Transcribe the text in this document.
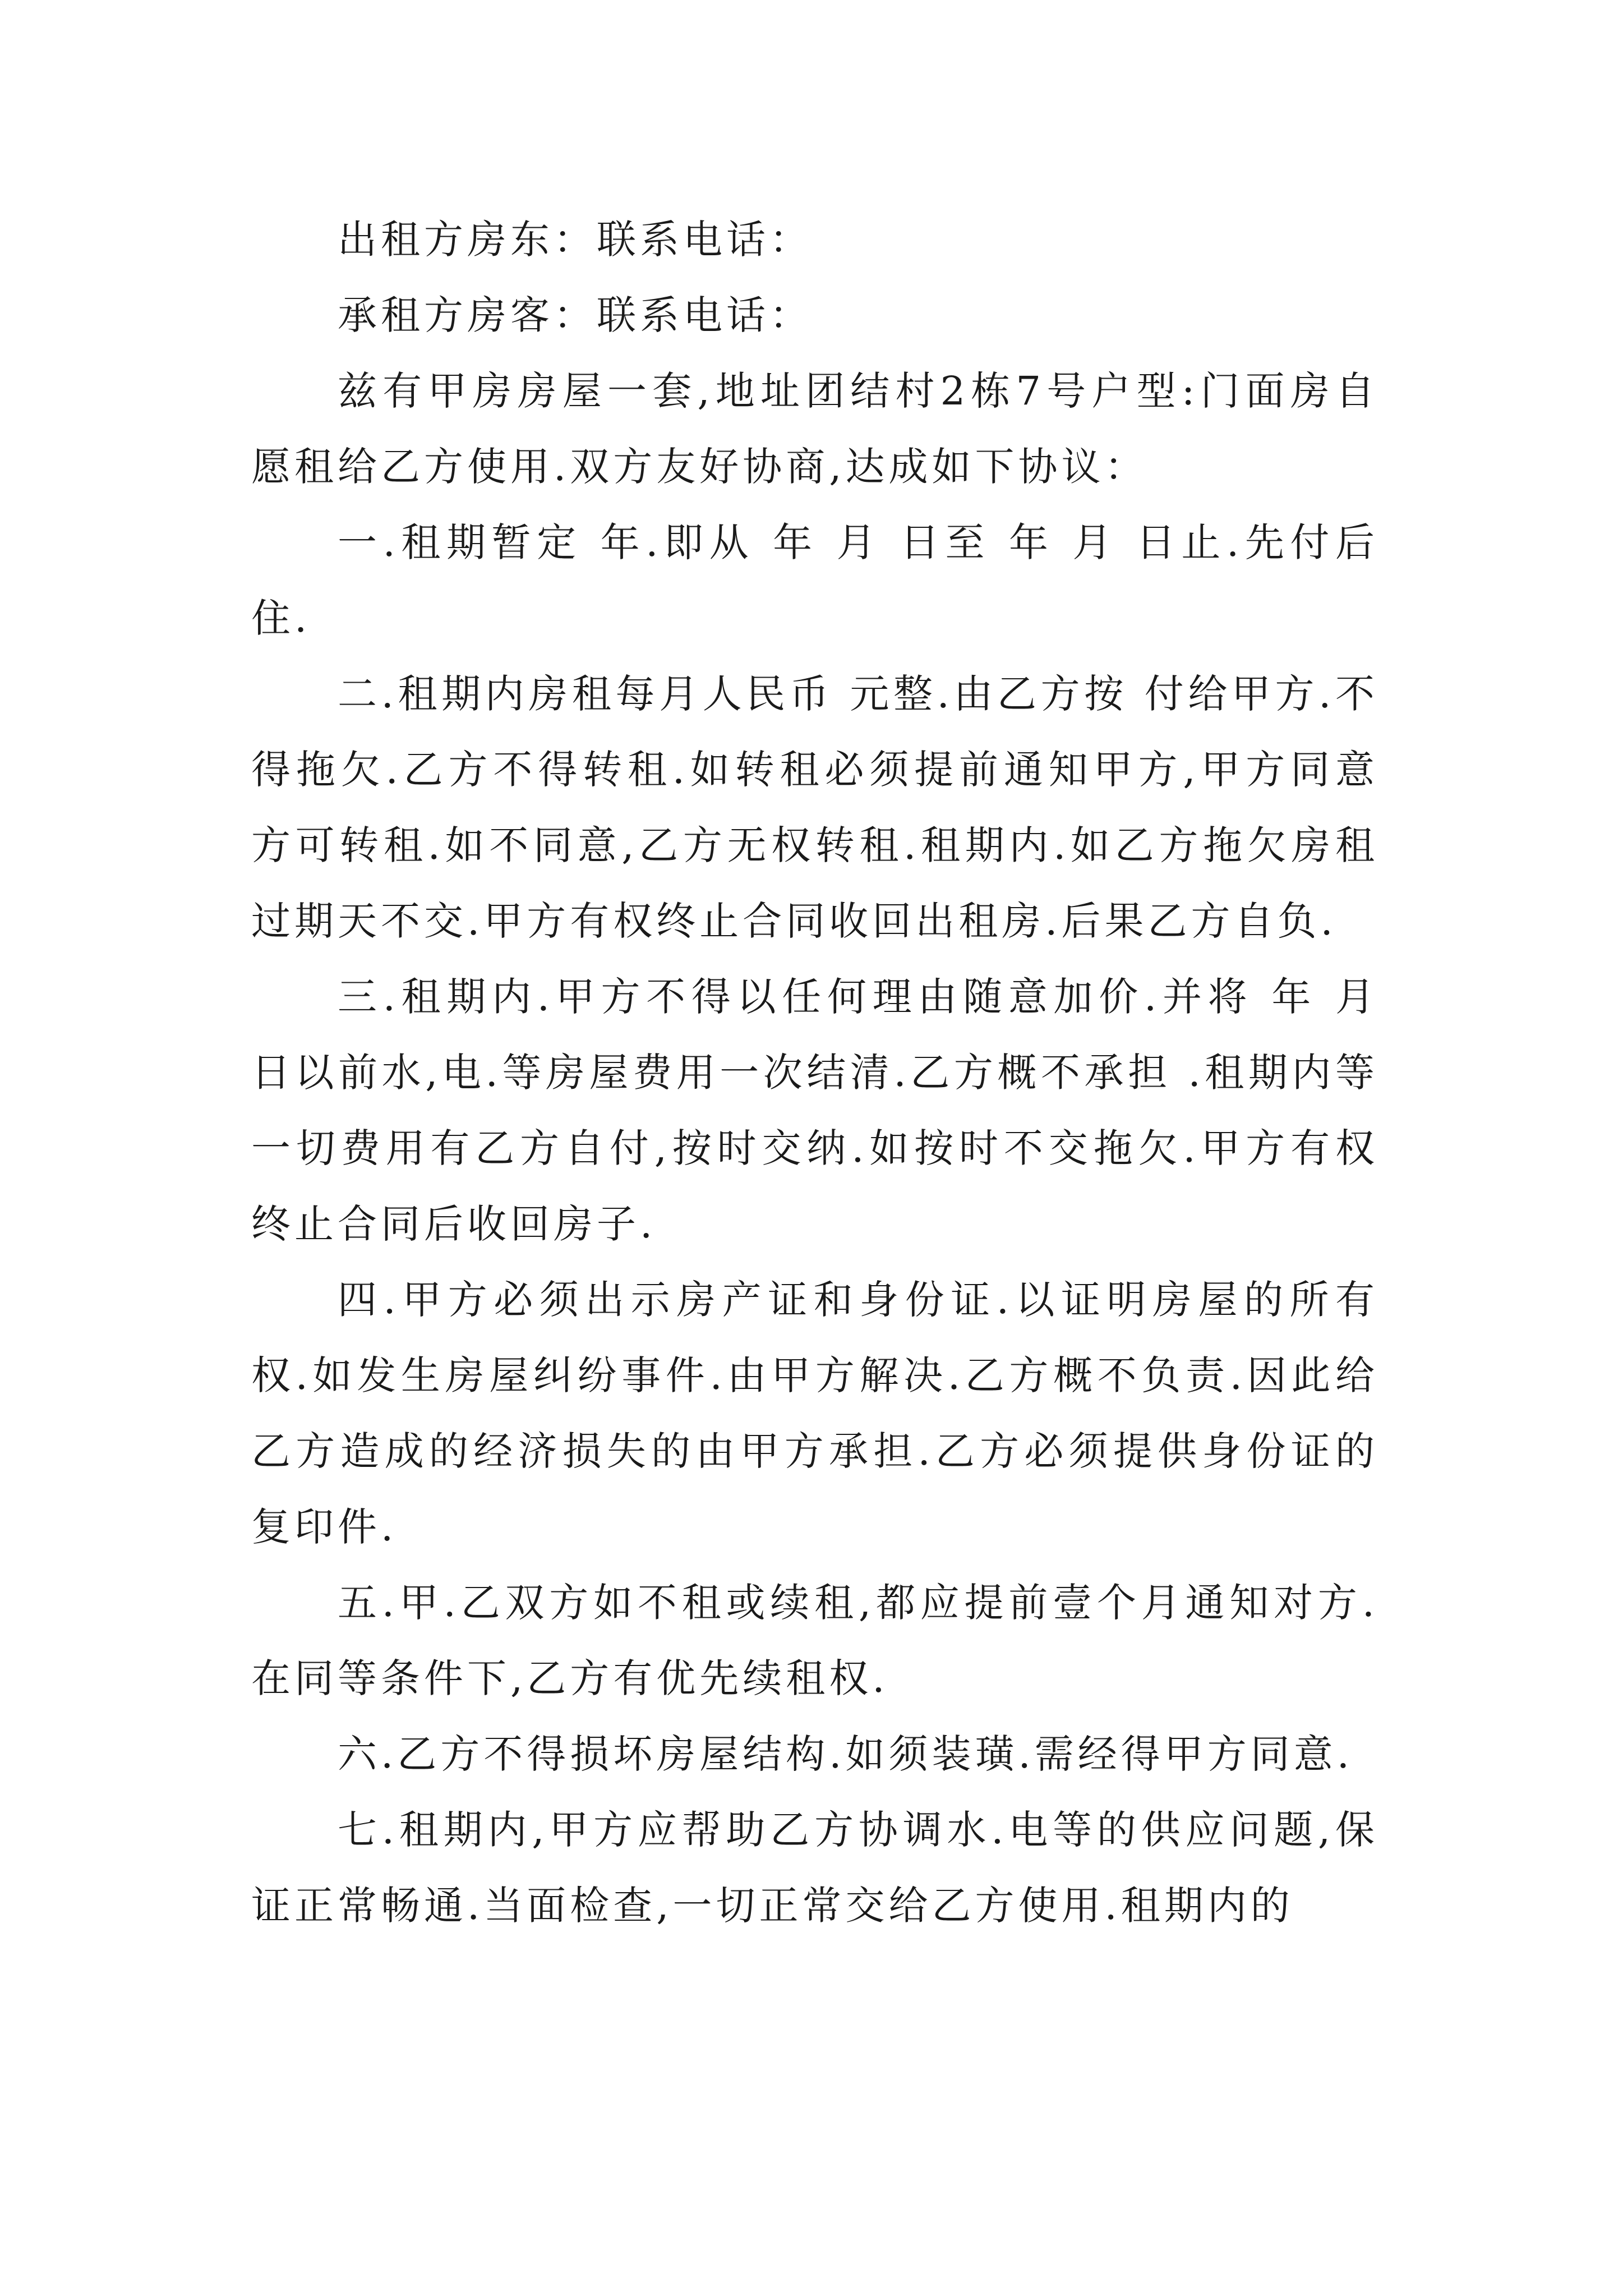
出租方房东：联系电话：

承租方房客：联系电话：

兹有甲房房屋一套,地址团结村2栋7号户型:门面房自愿租给乙方使用.双方友好协商,达成如下协议：

一.租期暂定 年.即从 年 月 日至 年 月 日止.先付后住.

二.租期内房租每月人民币 元整.由乙方按 付给甲方.不得拖欠.乙方不得转租.如转租必须提前通知甲方,甲方同意方可转租.如不同意,乙方无权转租.租期内.如乙方拖欠房租过期天不交.甲方有权终止合同收回出租房.后果乙方自负.

三.租期内.甲方不得以任何理由随意加价.并将 年 月 日以前水,电.等房屋费用一次结清.乙方概不承担 .租期内等一切费用有乙方自付,按时交纳.如按时不交拖欠.甲方有权终止合同后收回房子.

四.甲方必须出示房产证和身份证.以证明房屋的所有权.如发生房屋纠纷事件.由甲方解决.乙方概不负责.因此给乙方造成的经济损失的由甲方承担.乙方必须提供身份证的复印件.

五.甲.乙双方如不租或续租,都应提前壹个月通知对方.在同等条件下,乙方有优先续租权.

六.乙方不得损坏房屋结构.如须装璜.需经得甲方同意.

七.租期内,甲方应帮助乙方协调水.电等的供应问题,保证正常畅通.当面检查,一切正常交给乙方使用.租期内的
